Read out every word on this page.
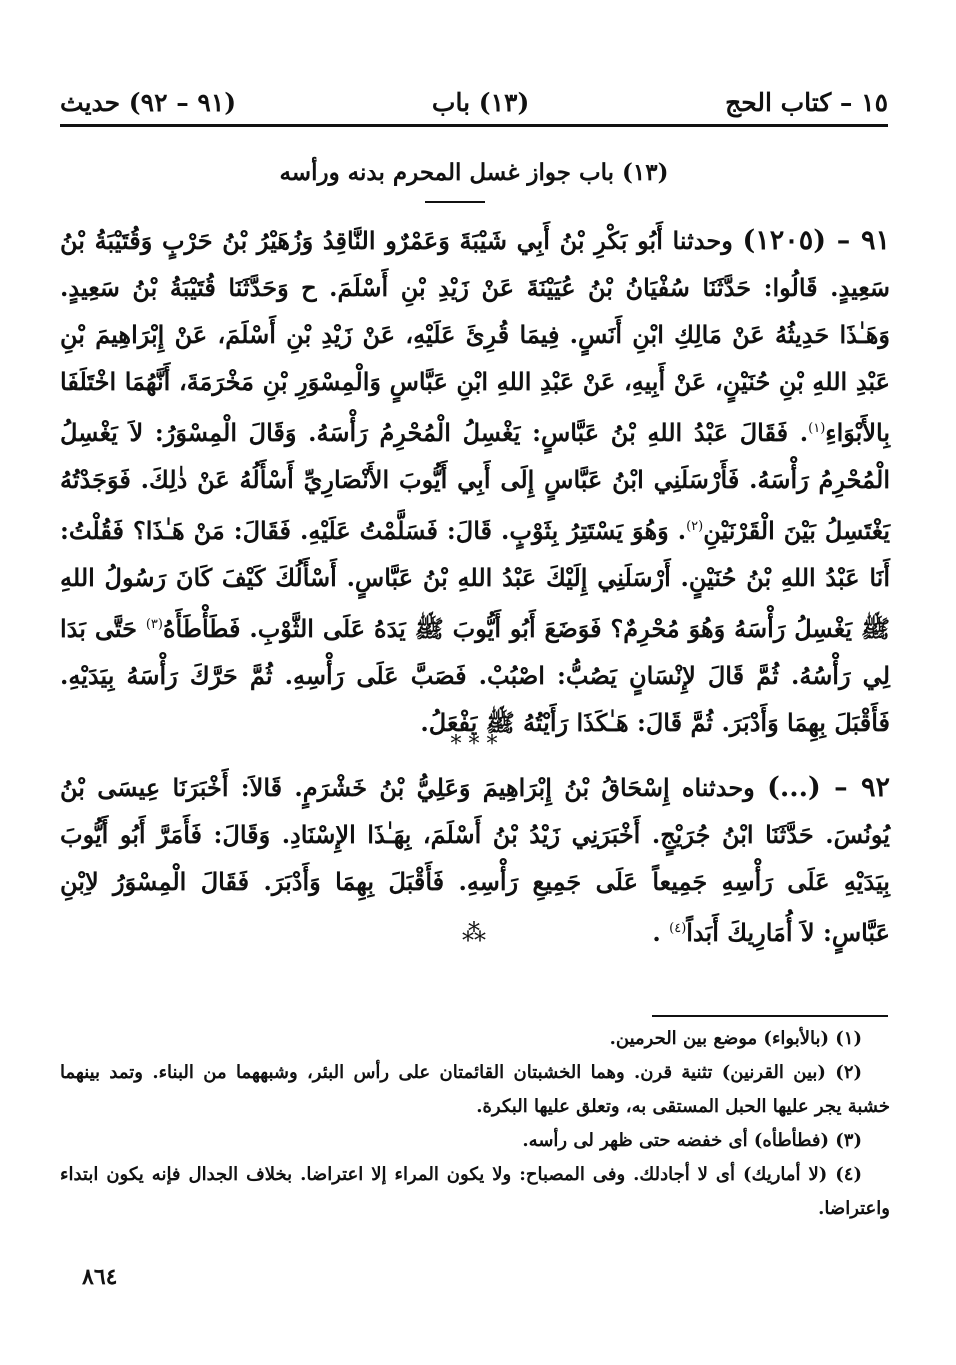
١٥ – كتاب الحج
(١٣) باب
(٩١ – ٩٢) حديث
(١٣) باب جواز غسل المحرم بدنه ورأسه

٩١ – (١٢٠٥) وحدثنا أَبُو بَكْرِ بْنُ أَبِي شَيْبَةَ وَعَمْرٌو النَّاقِدُ وَزُهَيْرُ بْنُ حَرْبٍ وَقُتَيْبَةُ بْنُ سَعِيدٍ. قَالُوا: حَدَّثَنَا سُفْيَانُ بْنُ عُيَيْنَةَ عَنْ زَيْدِ بْنِ أَسْلَمَ. ح وَحَدَّثَنَا قُتَيْبَةُ بْنُ سَعِيدٍ. وَهَـٰذَا حَدِيثُهُ عَنْ مَالِكِ ابْنِ أَنَسٍ. فِيمَا قُرِئَ عَلَيْهِ، عَنْ زَيْدِ بْنِ أَسْلَمَ، عَنْ إِبْرَاهِيمَ بْنِ عَبْدِ اللهِ بْنِ حُنَيْنٍ، عَنْ أَبِيهِ، عَنْ عَبْدِ اللهِ ابْنِ عَبَّاسٍ وَالْمِسْوَرِ بْنِ مَخْرَمَةَ، أَنَّهُمَا اخْتَلَفَا بِالأَبْوَاءِ$^{(١)}$. فَقَالَ عَبْدُ اللهِ بْنُ عَبَّاسٍ: يَغْسِلُ الْمُحْرِمُ رَأْسَهُ. وَقَالَ الْمِسْوَرُ: لاَ يَغْسِلُ الْمُحْرِمُ رَأْسَهُ. فَأَرْسَلَنِي ابْنُ عَبَّاسٍ إِلَى أَبِي أَيُّوبَ الأَنْصَارِيِّ أَسْأَلُهُ عَنْ ذٰلِكَ. فَوَجَدْتُهُ يَغْتَسِلُ بَيْنَ الْقَرْنَيْنِ$^{(٢)}$. وَهُوَ يَسْتَتِرُ بِثَوْبٍ. قَالَ: فَسَلَّمْتُ عَلَيْهِ. فَقَالَ: مَنْ هَـٰذَا؟ فَقُلْتُ: أَنَا عَبْدُ اللهِ بْنُ حُنَيْنٍ. أَرْسَلَنِي إِلَيْكَ عَبْدُ اللهِ بْنُ عَبَّاسٍ. أَسْأَلُكَ كَيْفَ كَانَ رَسُولُ اللهِ ﷺ يَغْسِلُ رَأْسَهُ وَهُوَ مُحْرِمٌ؟ فَوَضَعَ أَبُو أَيُّوبَ ﷺ يَدَهُ عَلَى الثَّوْبِ. فَطَأْطَأَهُ$^{(٣)}$ حَتَّى بَدَا لِي رَأْسُهُ. ثُمَّ قَالَ لإِنْسَانٍ يَصُبُّ: اصْبُبْ. فَصَبَّ عَلَى رَأْسِهِ. ثُمَّ حَرَّكَ رَأْسَهُ بِيَدَيْهِ. فَأَقْبَلَ بِهِمَا وَأَدْبَرَ. ثُمَّ قَالَ: هَـٰكَذَا رَأَيْتُهُ ﷺ يَفْعَلُ.

* * *

٩٢ – (...) وحدثناه إِسْحَاقُ بْنُ إِبْرَاهِيمَ وَعَلِيُّ بْنُ خَشْرَمٍ. قَالاَ: أَخْبَرَنَا عِيسَى بْنُ يُونُسَ. حَدَّثَنَا ابْنُ جُرَيْجٍ. أَخْبَرَنِي زَيْدُ بْنُ أَسْلَمَ، بِهَـٰذَا الإِسْنَادِ. وَقَالَ: فَأَمَرَّ أَبُو أَيُّوبَ بِيَدَيْهِ عَلَى رَأْسِهِ جَمِيعاً عَلَى جَمِيعِ رَأْسِهِ. فَأَقْبَلَ بِهِمَا وَأَدْبَرَ. فَقَالَ الْمِسْوَرُ لاِبْنِ عَبَّاسٍ: لاَ أُمَارِيكَ أَبَداً$^{(٤)}$ .

⁂

(١) (بالأبواء) موضع بين الحرمين.

(٢) (بين القرنين) تثنية قرن. وهما الخشبتان القائمتان على رأس البئر، وشبههما من البناء. وتمد بينهما خشبة يجر عليها الحبل المستقى به، وتعلق عليها البكرة.

(٣) (فطأطأه) أى خفضه حتى ظهر لى رأسه.

(٤) (لا أماريك) أى لا أجادلك. وفى المصباح: ولا يكون المراء إلا اعتراضا. بخلاف الجدال فإنه يكون ابتداء واعتراضا.

٨٦٤
